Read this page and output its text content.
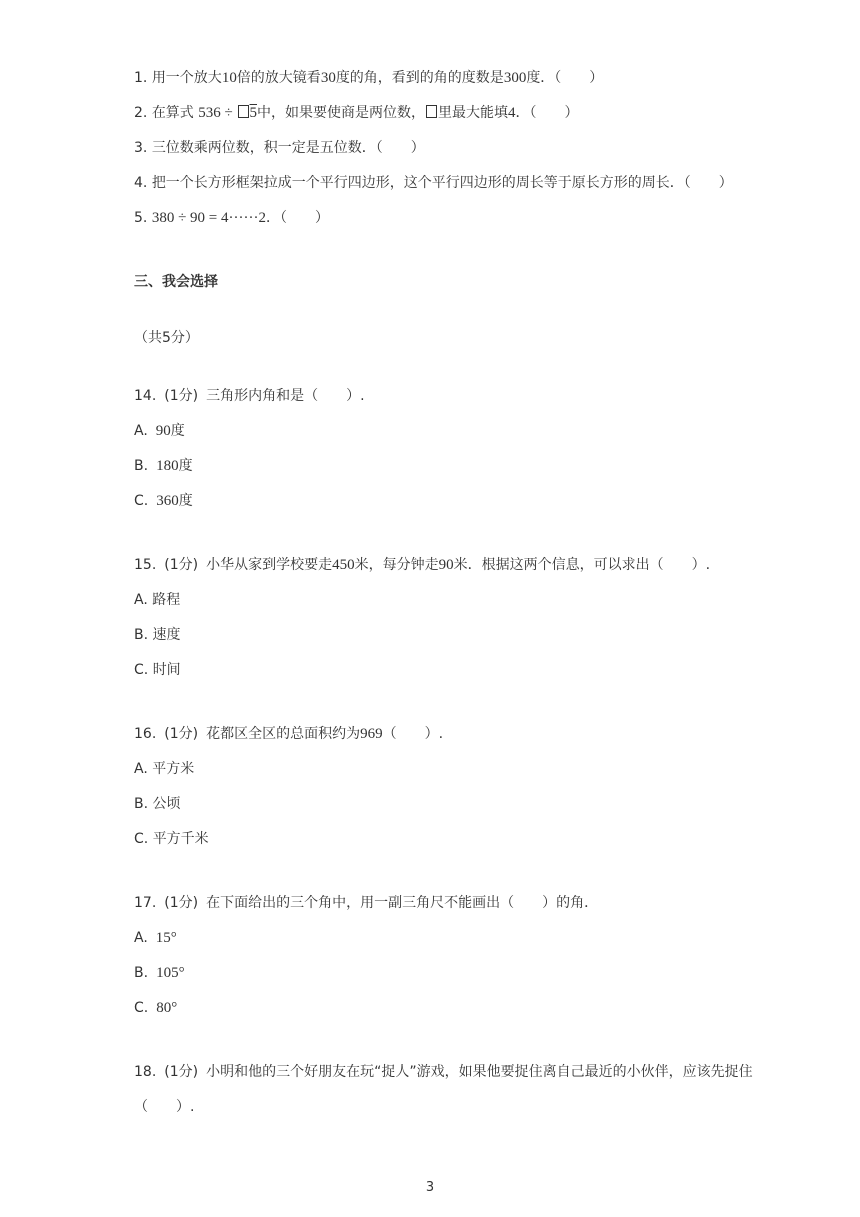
1. 用一个放大10倍的放大镜看30度的角，看到的角的度数是300度．（　　）
2. 在算式 536 ÷ 5中，如果要使商是两位数， 里最大能填4．（　　）
3. 三位数乘两位数，积一定是五位数．（　　）
4. 把一个长方形框架拉成一个平行四边形，这个平行四边形的周长等于原长方形的周长．（　　）
5. 380 ÷ 90 = 4······2．（　　）
三、我会选择
（共5分）
14. (1分) 三角形内角和是（　　）.
A. 90度
B. 180度
C. 360度
15. (1分) 小华从家到学校要走450米，每分钟走90米．根据这两个信息，可以求出（　　）.
A. 路程
B. 速度
C. 时间
16. (1分) 花都区全区的总面积约为969（　　）.
A. 平方米
B. 公顷
C. 平方千米
17. (1分) 在下面给出的三个角中，用一副三角尺不能画出（　　）的角．
A. 15°
B. 105°
C. 80°
18. (1分) 小明和他的三个好朋友在玩“捉人”游戏，如果他要捉住离自己最近的小伙伴，应该先捉住
（　　）.
3
